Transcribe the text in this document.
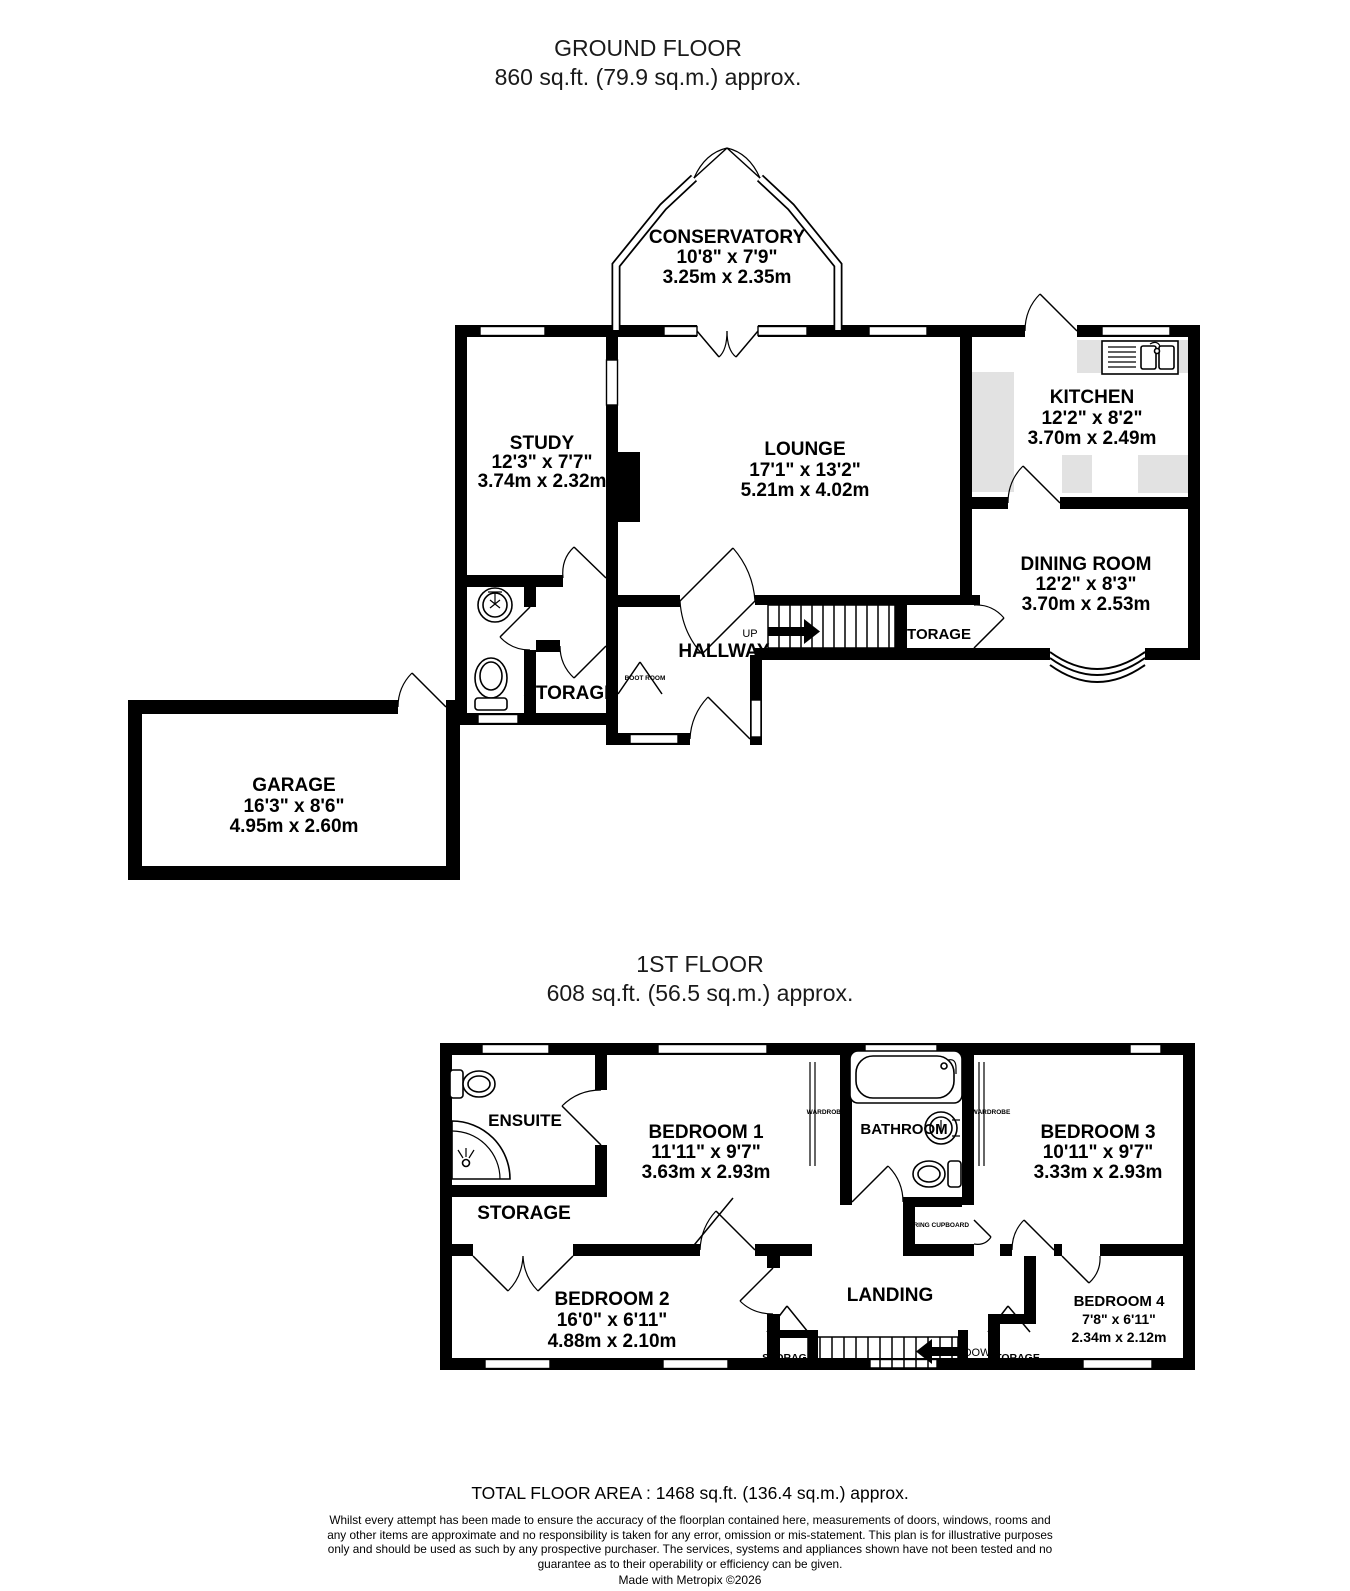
GROUND FLOOR
860 sq.ft. (79.9 sq.m.) approx.
1ST FLOOR
608 sq.ft. (56.5 sq.m.) approx.
CONSERVATORY
10'8" x 7'9"
3.25m x 2.35m
STUDY
12'3" x 7'7"
3.74m x 2.32m
LOUNGE
17'1" x 13'2"
5.21m x 4.02m
KITCHEN
12'2" x 8'2"
3.70m x 2.49m
DINING ROOM
12'2" x 8'3"
3.70m x 2.53m
GARAGE
16'3" x 8'6"
4.95m x 2.60m
HALLWAY
UP	STORAGE
STORAGE
BOOT ROOM
ENSUITE
STORAGE
BEDROOM 1
11'11" x 9'7"
3.63m x 2.93m
BATHROOM	BEDROOM 3
10'11" x 9'7"
3.33m x 2.93m
BEDROOM 2
16'0" x 6'11"
4.88m x 2.10m
LANDING	BEDROOM 4
7'8" x 6'11"
2.34m x 2.12m
WARDROBE	WARDROBE
AIRING CUPBOARD
STORAGE	STORAGE
DOWN
TOTAL FLOOR AREA : 1468 sq.ft. (136.4 sq.m.) approx.
Whilst every attempt has been made to ensure the accuracy of the floorplan contained here, measurements of doors, windows, rooms and any other items are approximate and no responsibility is taken for any error, omission or mis-statement. This plan is for illustrative purposes only and should be used as such by any prospective purchaser. The services, systems and appliances shown have not been tested and no guarantee as to their operability or efficiency can be given.
Made with Metropix ©2026
